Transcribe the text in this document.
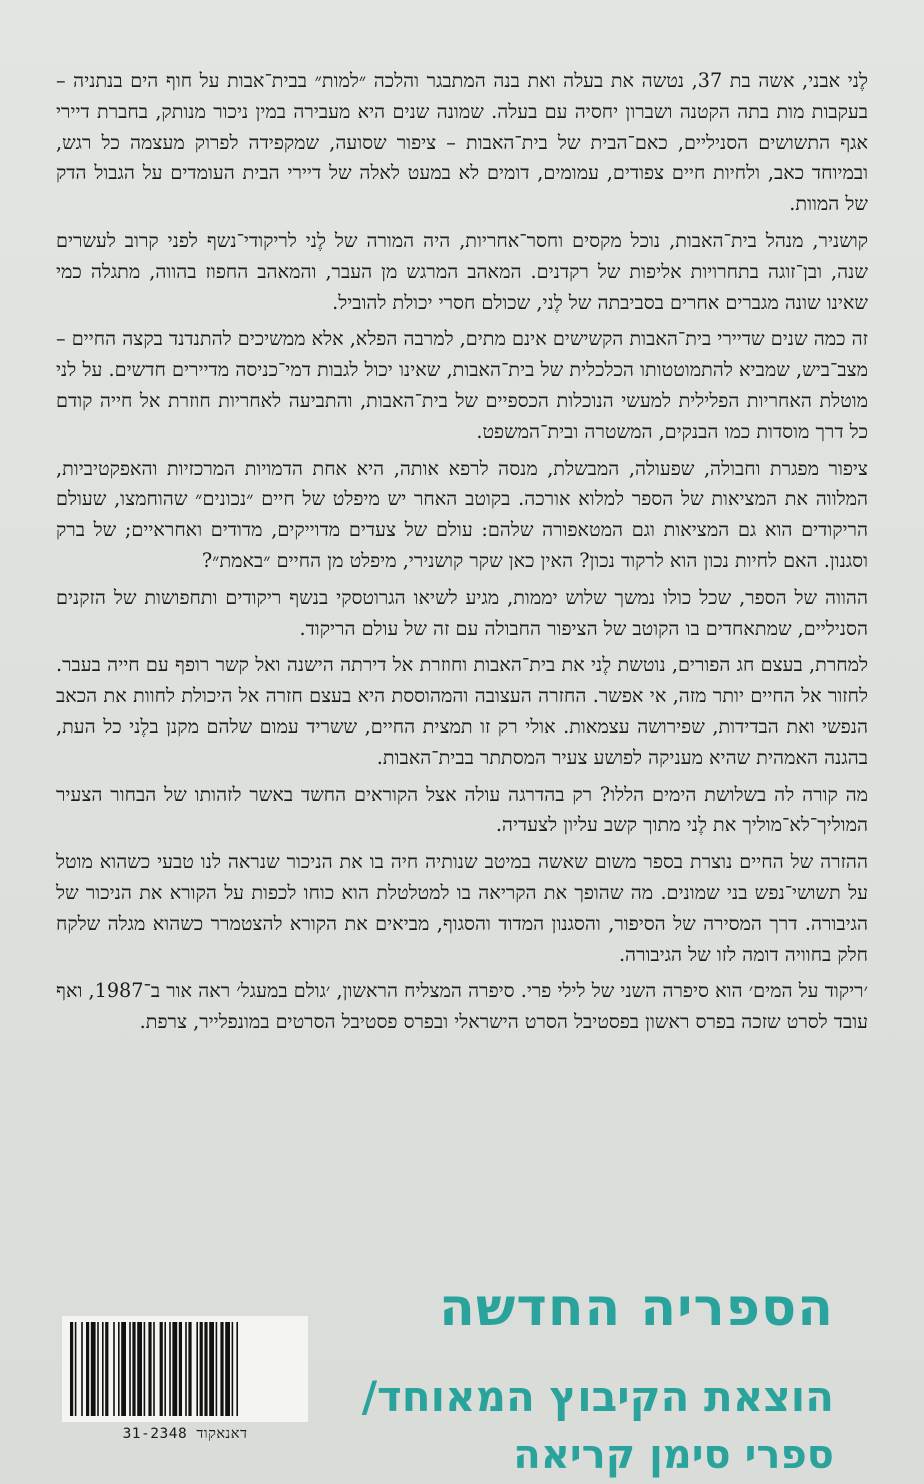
לֶני אבני, אשה בת 37, נטשה את בעלה ואת בנה המתבגר והלכה ״למות״ בבית־אבות על חוף הים בנתניה – בעקבות מות בתה הקטנה ושברון יחסיה עם בעלה. שמונה שנים היא מעבירה במין ניכור מנותק, בחברת דיירי אגף התשושים הסניליים, כאם־הבית של בית־האבות – ציפור שסועה, שמקפידה לפרוק מעצמה כל רגש, ובמיוחד כאב, ולחיות חיים צפודים, עמומים, דומים לא במעט לאלה של דיירי הבית העומדים על הגבול הדק של המוות.

קושניר, מנהל בית־האבות, נוכל מקסים וחסר־אחריות, היה המורה של לֶני לריקודי־נשף לפני קרוב לעשרים שנה, ובן־זוגה בתחרויות אליפות של רקדנים. המאהב המרגש מן העבר, והמאהב החפוז בהווה, מתגלה כמי שאינו שונה מגברים אחרים בסביבתה של לֶני, שכולם חסרי יכולת להוביל.

זה כמה שנים שדיירי בית־האבות הקשישים אינם מתים, למרבה הפלא, אלא ממשיכים להתנדנד בקצה החיים – מצב־ביש, שמביא להתמוטטותו הכלכלית של בית־האבות, שאינו יכול לגבות דמי־כניסה מדיירים חדשים. על לני מוטלת האחריות הפלילית למעשי הנוכלות הכספיים של בית־האבות, והתביעה לאחריות חוזרת אל חייה קודם כל דרך מוסדות כמו הבנקים, המשטרה ובית־המשפט.

ציפור מפגרת וחבולה, שפעולה, המבשלת, מנסה לרפא אותה, היא אחת הדמויות המרכזיות והאפקטיביות, המלווה את המציאות של הספר למלוא אורכה. בקוטב האחר יש מיפלט של חיים ״נכונים״ שהוחמצו, שעולם הריקודים הוא גם המציאות וגם המטאפורה שלהם: עולם של צעדים מדוייקים, מדודים ואחראיים; של ברק וסגנון. האם לחיות נכון הוא לרקוד נכון? האין כאן שקר קושנירי, מיפלט מן החיים ״באמת״?

ההווה של הספר, שכל כולו נמשך שלוש יממות, מגיע לשיאו הגרוטסקי בנשף ריקודים ותחפושות של הזקנים הסניליים, שמתאחדים בו הקוטב של הציפור החבולה עם זה של עולם הריקוד.

למחרת, בעצם חג הפורים, נוטשת לֶני את בית־האבות וחוזרת אל דירתה הישנה ואל קשר רופף עם חייה בעבר. לחזור אל החיים יותר מזה, אי אפשר. החזרה העצובה והמהוססת היא בעצם חזרה אל היכולת לחוות את הכאב הנפשי ואת הבדידות, שפירושה עצמאות. אולי רק זו תמצית החיים, ששריד עמום שלהם מקנן בלֶני כל העת, בהגנה האמהית שהיא מעניקה לפושע צעיר המסתתר בבית־האבות.

מה קורה לה בשלושת הימים הללו? רק בהדרגה עולה אצל הקוראים החשד באשר לזהותו של הבחור הצעיר המוליך־לא־מוליך את לֶני מתוך קשב עליון לצעדיה.

ההזרה של החיים נוצרת בספר משום שאשה במיטב שנותיה חיה בו את הניכור שנראה לנו טבעי כשהוא מוטל על תשושי־נפש בני שמונים. מה שהופך את הקריאה בו למטלטלת הוא כוחו לכפות על הקורא את הניכור של הגיבורה. דרך המסירה של הסיפור, והסגנון המדוד והסגוף, מביאים את הקורא להצטמרר כשהוא מגלה שלקח חלק בחוויה דומה לזו של הגיבורה.

׳ריקוד על המים׳ הוא סיפרה השני של לילי פרי. סיפרה המצליח הראשון, ׳גולם במעגל׳ ראה אור ב־1987, ואף עובד לסרט שזכה בפרס ראשון בפסטיבל הסרט הישראלי ובפרס פסטיבל הסרטים במונפלייר, צרפת.

דאנאקוד 31-2348
הספריה החדשה
הוצאת הקיבוץ המאוחד/
ספרי סימן קריאה
